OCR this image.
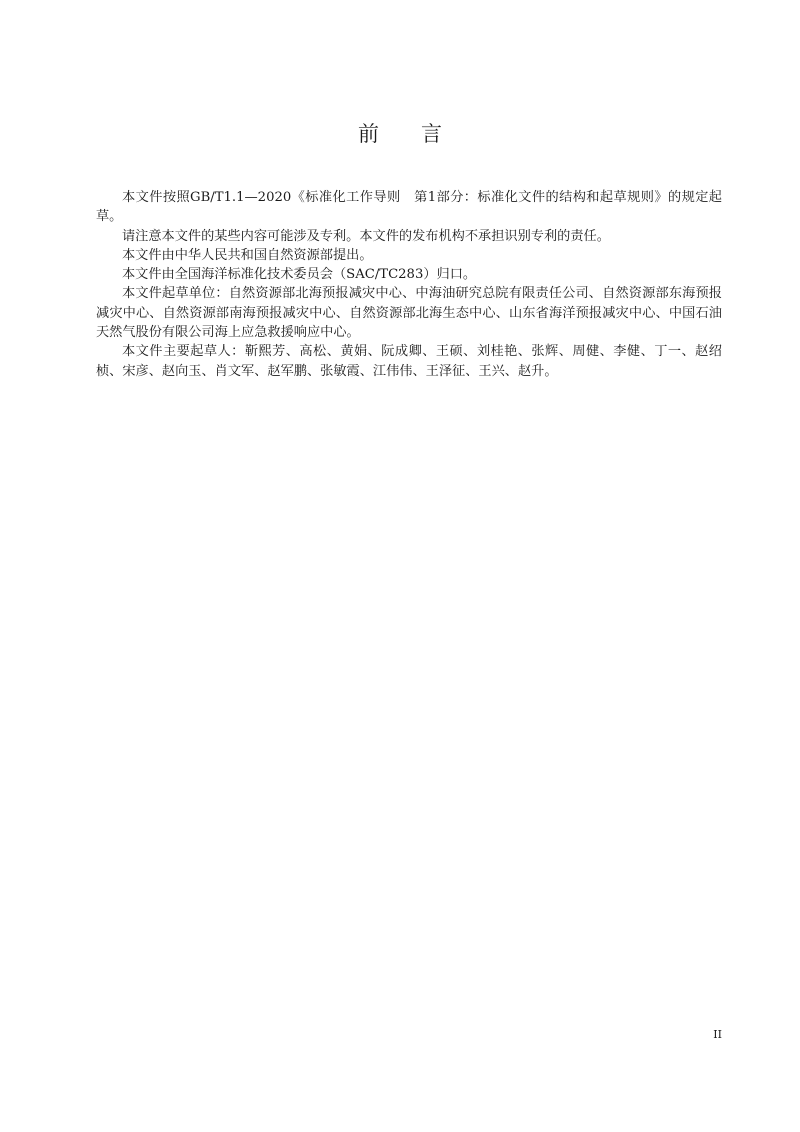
前 言

本文件按照GB/T1.1—2020《标准化工作导则　第1部分：标准化文件的结构和起草规则》的规定起草。

请注意本文件的某些内容可能涉及专利。本文件的发布机构不承担识别专利的责任。

本文件由中华人民共和国自然资源部提出。

本文件由全国海洋标准化技术委员会（SAC/TC283）归口。

本文件起草单位：自然资源部北海预报减灾中心、中海油研究总院有限责任公司、自然资源部东海预报减灾中心、自然资源部南海预报减灾中心、自然资源部北海生态中心、山东省海洋预报减灾中心、中国石油天然气股份有限公司海上应急救援响应中心。

本文件主要起草人：靳熙芳、高松、黄娟、阮成卿、王硕、刘桂艳、张辉、周健、李健、丁一、赵绍桢、宋彦、赵向玉、肖文军、赵军鹏、张敏霞、江伟伟、王泽征、王兴、赵升。

II
